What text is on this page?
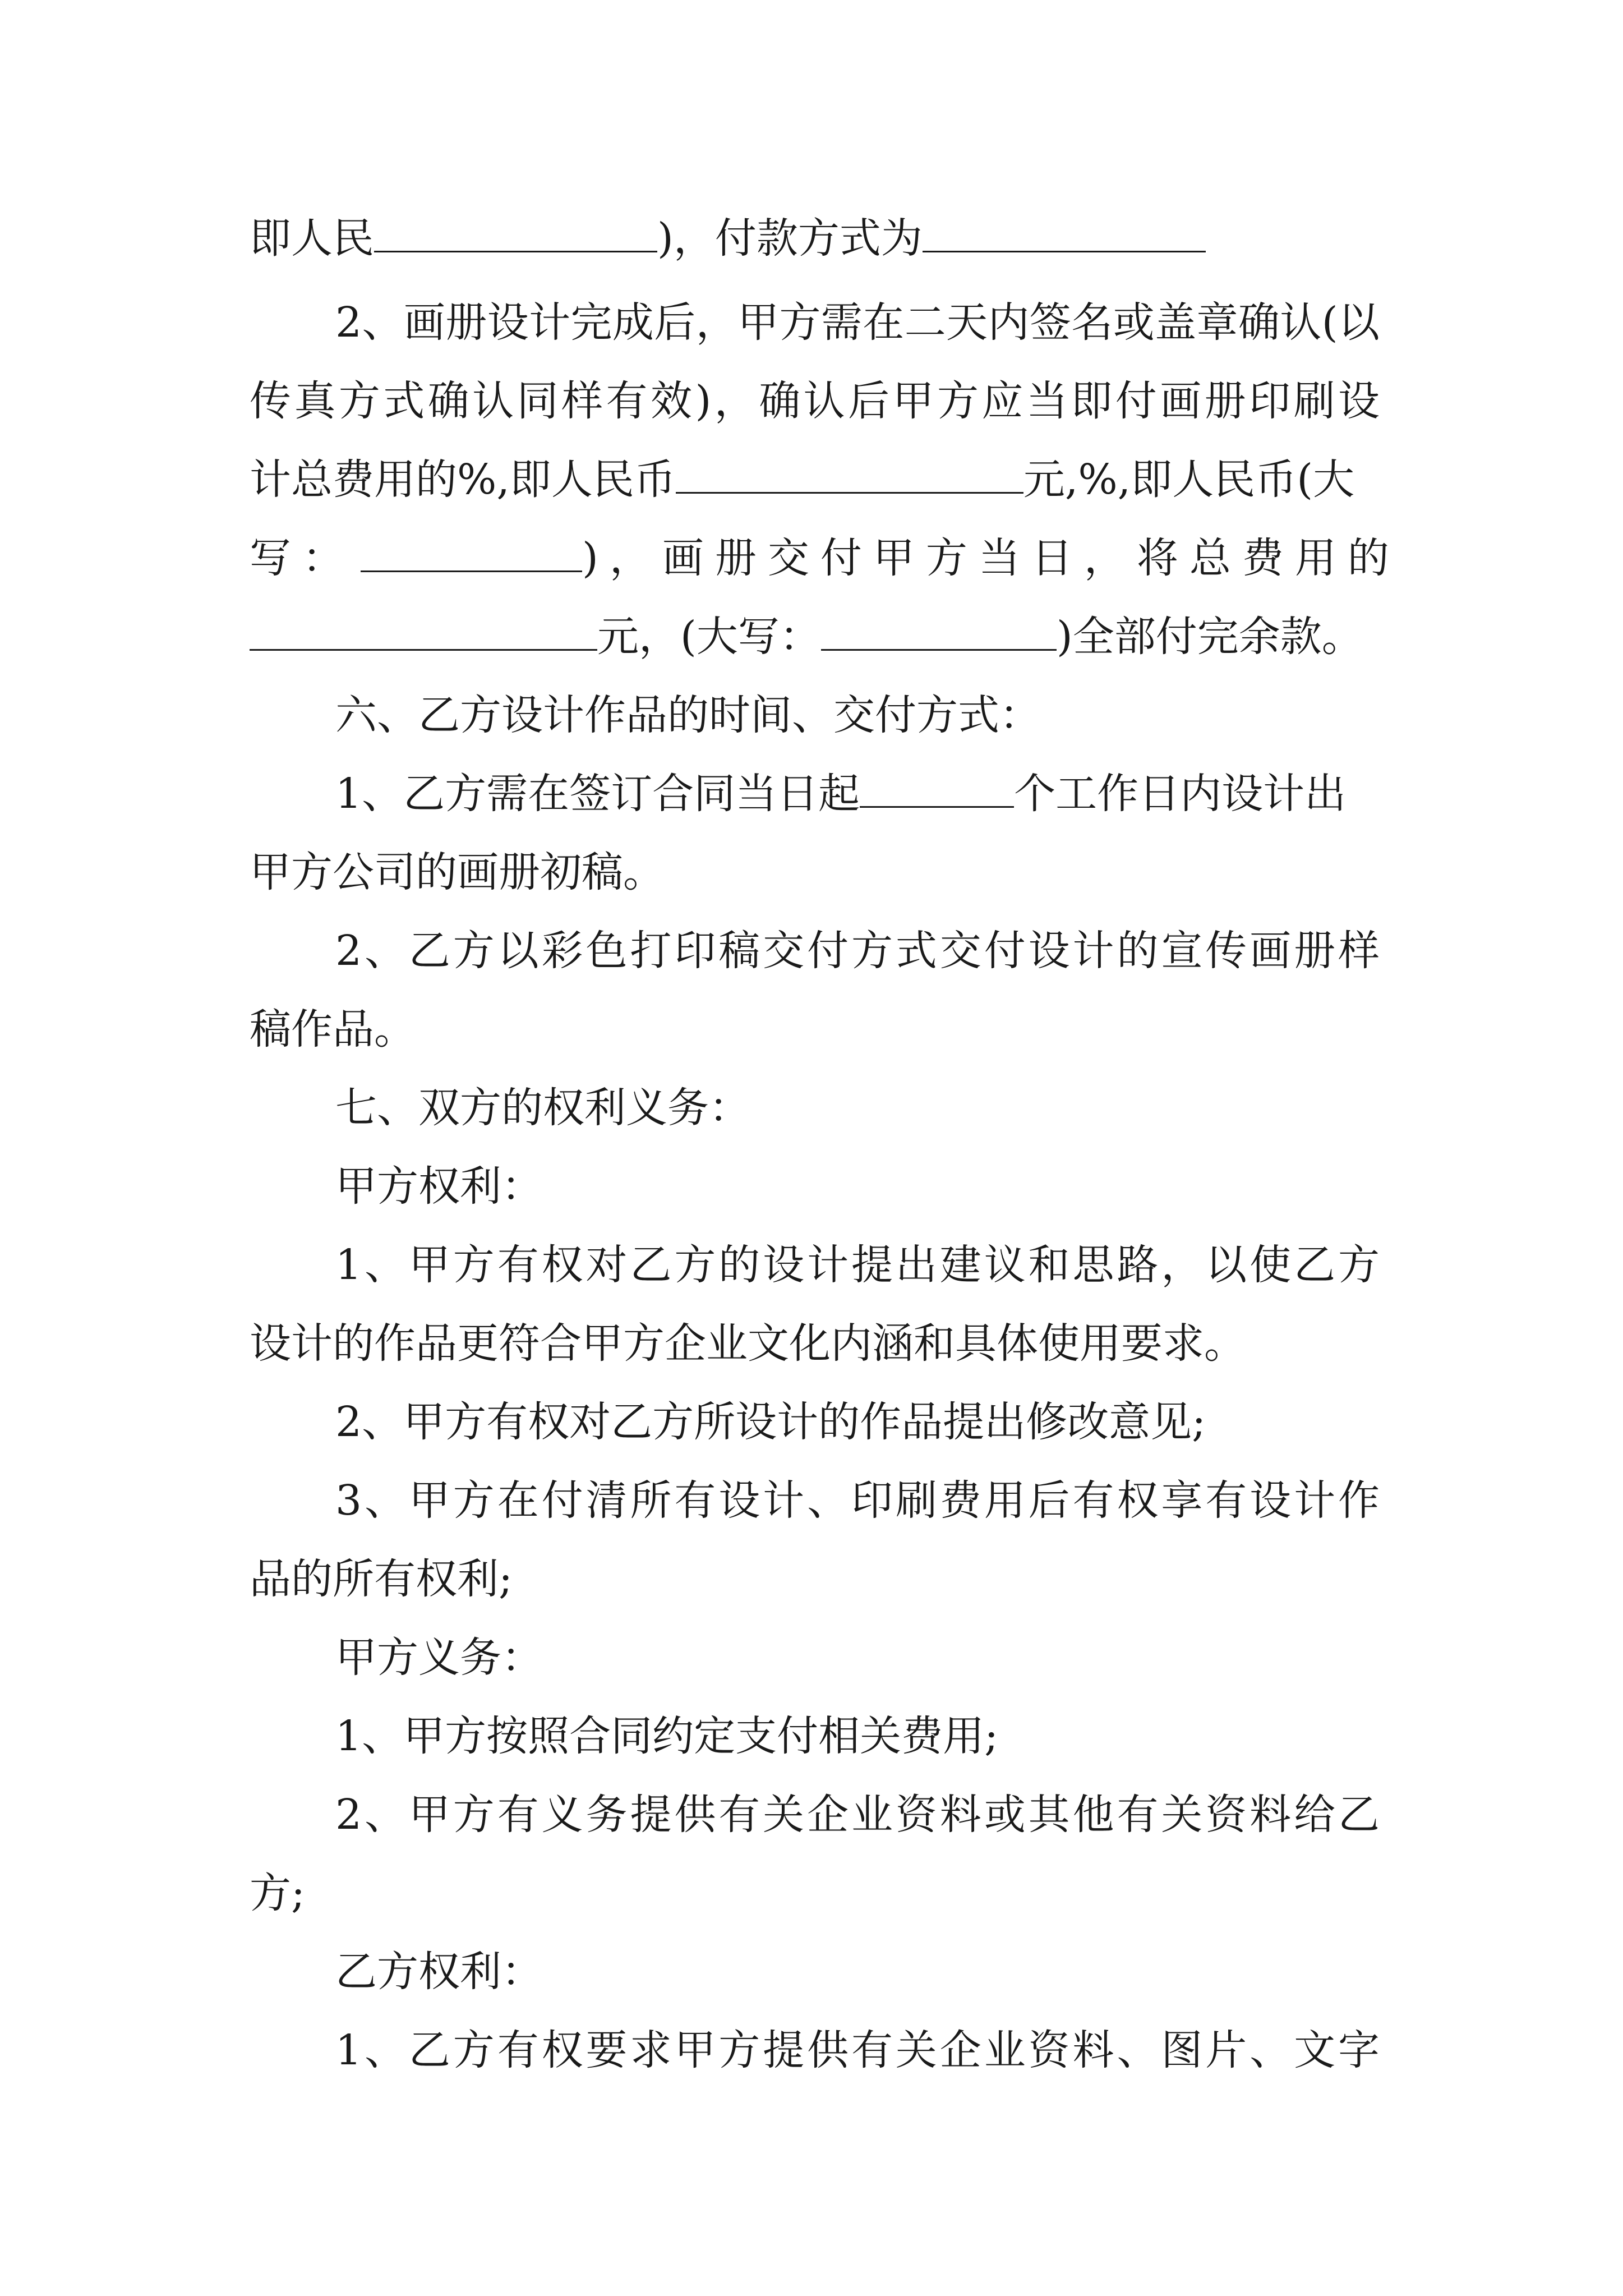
即人民	)，付款方式为
2、画册设计完成后，甲方需在二天内签名或盖章确认(以
传真方式确认同样有效)，确认后甲方应当即付画册印刷设
计总费用的%,即人民币	元,%,即人民币(大
写：	)，画册交付甲方当日，将总费用的
元，(大写：	)全部付完余款。
六、乙方设计作品的时间、交付方式：
1、乙方需在签订合同当日起	个工作日内设计出
甲方公司的画册初稿。
2、乙方以彩色打印稿交付方式交付设计的宣传画册样
稿作品。
七、双方的权利义务：
甲方权利：
1、甲方有权对乙方的设计提出建议和思路，以使乙方
设计的作品更符合甲方企业文化内涵和具体使用要求。
2、甲方有权对乙方所设计的作品提出修改意见;
3、甲方在付清所有设计、印刷费用后有权享有设计作
品的所有权利;
甲方义务：
1、甲方按照合同约定支付相关费用;
2、甲方有义务提供有关企业资料或其他有关资料给乙
方;
乙方权利：
1、乙方有权要求甲方提供有关企业资料、图片、文字
